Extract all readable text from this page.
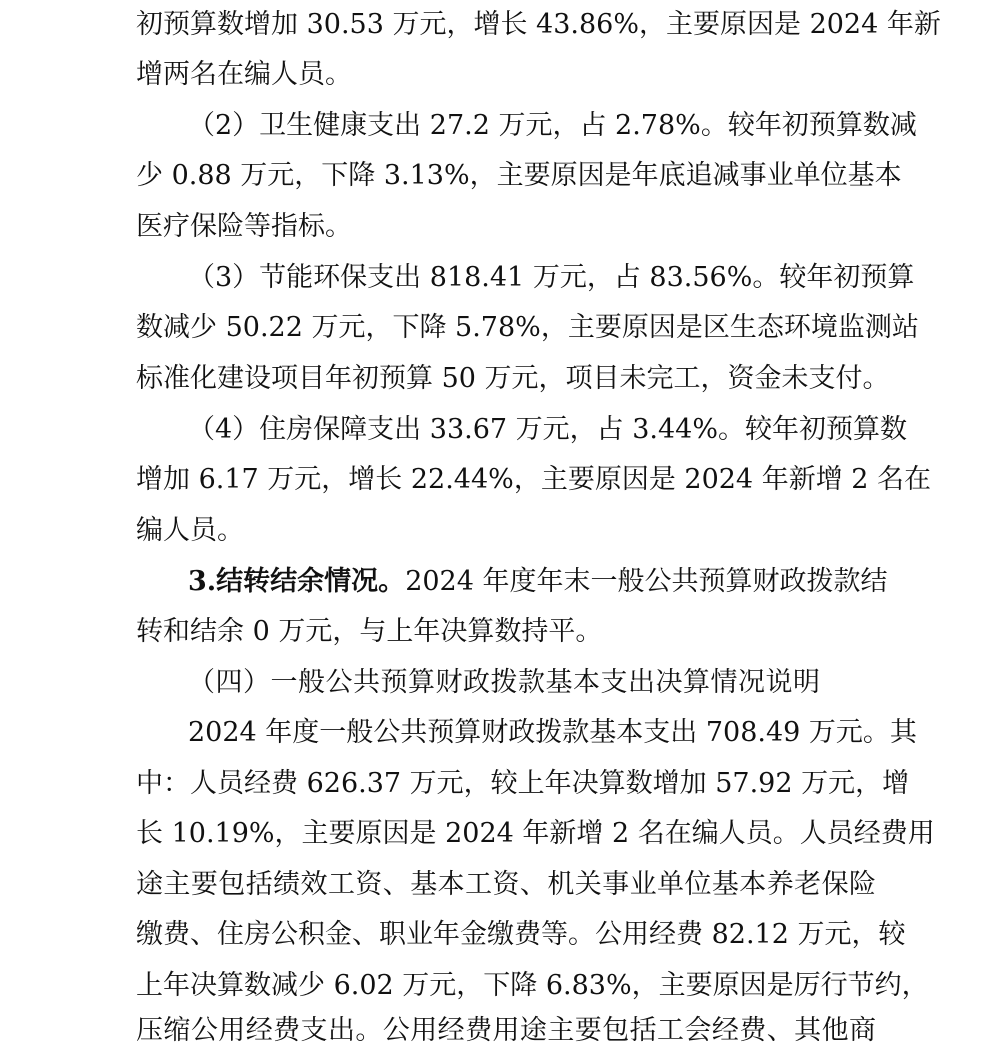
初预算数增加 30.53 万元，增长 43.86%，主要原因是 2024 年新
增两名在编人员。
（2）卫生健康支出 27.2 万元，占 2.78%。较年初预算数减
少 0.88 万元，下降 3.13%，主要原因是年底追减事业单位基本
医疗保险等指标。
（3）节能环保支出 818.41 万元，占 83.56%。较年初预算
数减少 50.22 万元，下降 5.78%，主要原因是区生态环境监测站
标准化建设项目年初预算 50 万元，项目未完工，资金未支付。
（4）住房保障支出 33.67 万元，占 3.44%。较年初预算数
增加 6.17 万元，增长 22.44%，主要原因是 2024 年新增 2 名在
编人员。
3.结转结余情况。2024 年度年末一般公共预算财政拨款结
转和结余 0 万元，与上年决算数持平。
（四）一般公共预算财政拨款基本支出决算情况说明
2024 年度一般公共预算财政拨款基本支出 708.49 万元。其
中：人员经费 626.37 万元，较上年决算数增加 57.92 万元，增
长 10.19%，主要原因是 2024 年新增 2 名在编人员。人员经费用
途主要包括绩效工资、基本工资、机关事业单位基本养老保险
缴费、住房公积金、职业年金缴费等。公用经费 82.12 万元，较
上年决算数减少 6.02 万元，下降 6.83%，主要原因是厉行节约，
压缩公用经费支出。公用经费用途主要包括工会经费、其他商
